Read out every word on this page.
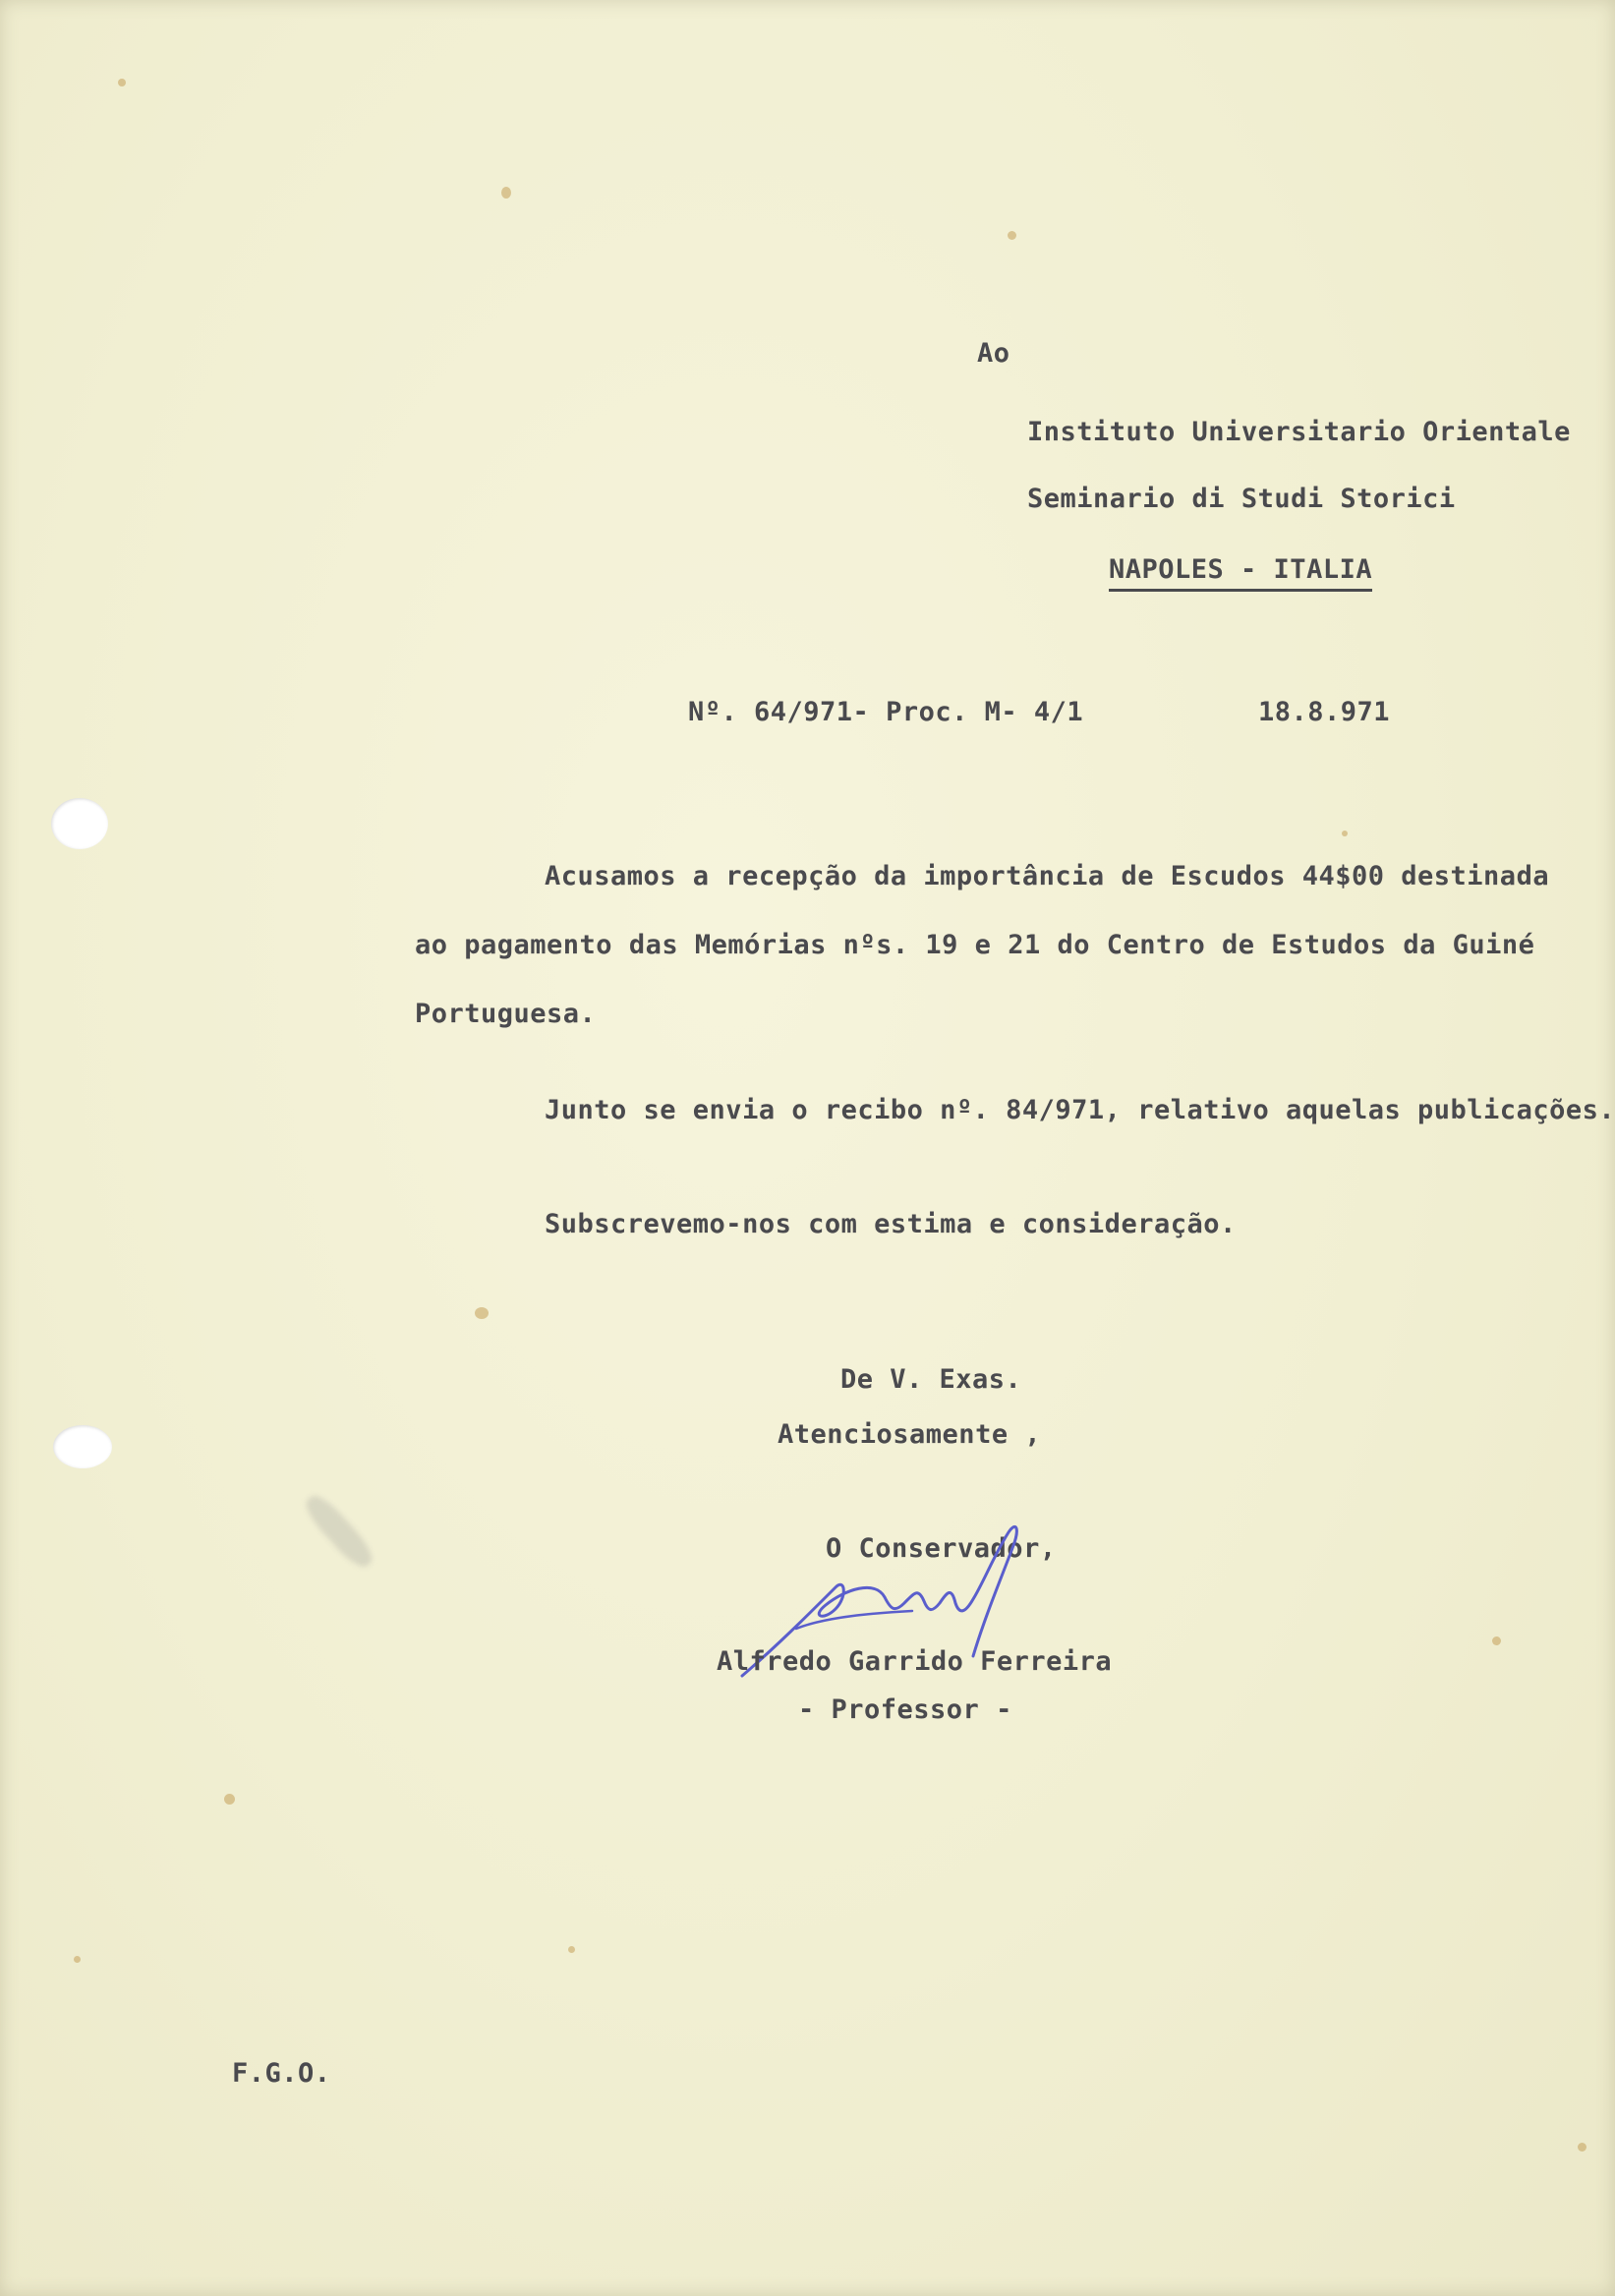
Ao
Instituto Universitario Orientale
Seminario di Studi Storici
NAPOLES - ITALIA
Nº. 64/971- Proc. M- 4/1	18.8.971
Acusamos a recepção da importância de Escudos 44$00 destinada
ao pagamento das Memórias nºs. 19 e 21 do Centro de Estudos da Guiné
Portuguesa.
Junto se envia o recibo nº. 84/971, relativo aquelas publicações.
Subscrevemo-nos com estima e consideração.
De V. Exas.
Atenciosamente ,
O Conservador,
Alfredo Garrido Ferreira
- Professor -
F.G.O.
